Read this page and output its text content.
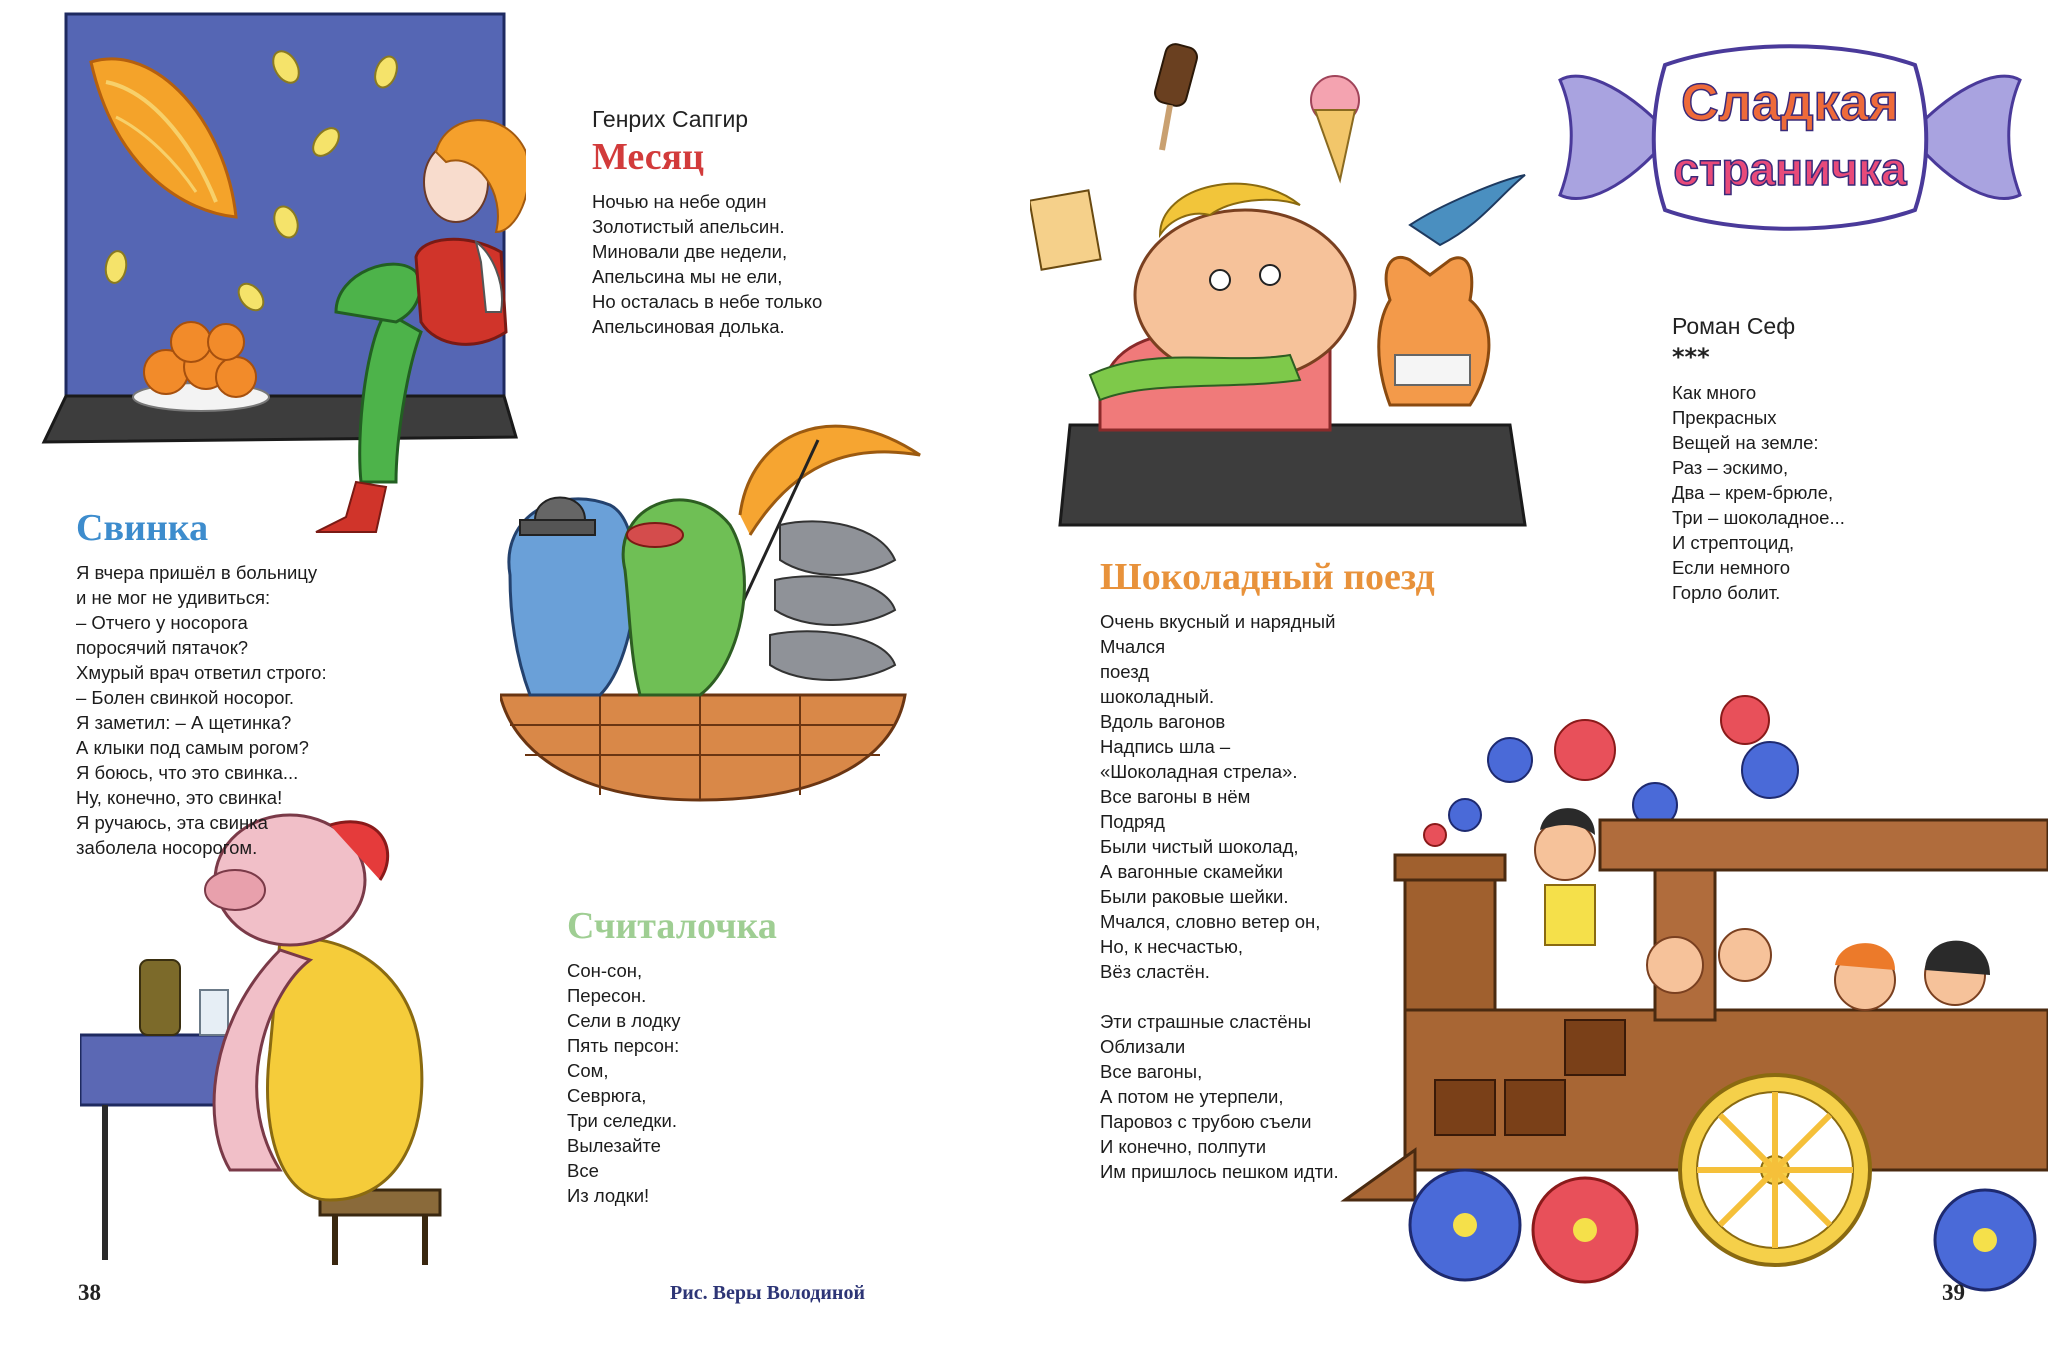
Сладкая
страничка
Генрих Сапгир
Месяц
Ночью на небе один
Золотистый апельсин.
Миновали две недели,
Апельсина мы не ели,
Но осталась в небе только
Апельсиновая долька.
Свинка
Я вчера пришёл в больницу
и не мог не удивиться:
– Отчего у носорога
поросячий пятачок?
Хмурый врач ответил строго:
– Болен свинкой носорог.
Я заметил: – А щетинка?
А клыки под самым рогом?
Я боюсь, что это свинка...
Ну, конечно, это свинка!
Я ручаюсь, эта свинка
заболела носорогом.
Считалочка
Сон-сон,
Пересон.
Сели в лодку
Пять персон:
Сом,
Севрюга,
Три селедки.
Вылезайте
Все
Из лодки!
Шоколадный поезд
Очень вкусный и нарядный
Мчался
поезд
шоколадный.
Вдоль вагонов
Надпись шла –
«Шоколадная стрела».
Все вагоны в нём
Подряд
Были чистый шоколад,
А вагонные скамейки
Были раковые шейки.
Мчался, словно ветер он,
Но, к несчастью,
Вёз сластён.
Эти страшные сластёны
Облизали
Все вагоны,
А потом не утерпели,
Паровоз с трубою съели
И конечно, полпути
Им пришлось пешком идти.
Роман Сеф
***
Как много
Прекрасных
Вещей на земле:
Раз – эскимо,
Два – крем-брюле,
Три – шоколадное...
И стрептоцид,
Если немного
Горло болит.
38	Рис. Веры Володиной	39
